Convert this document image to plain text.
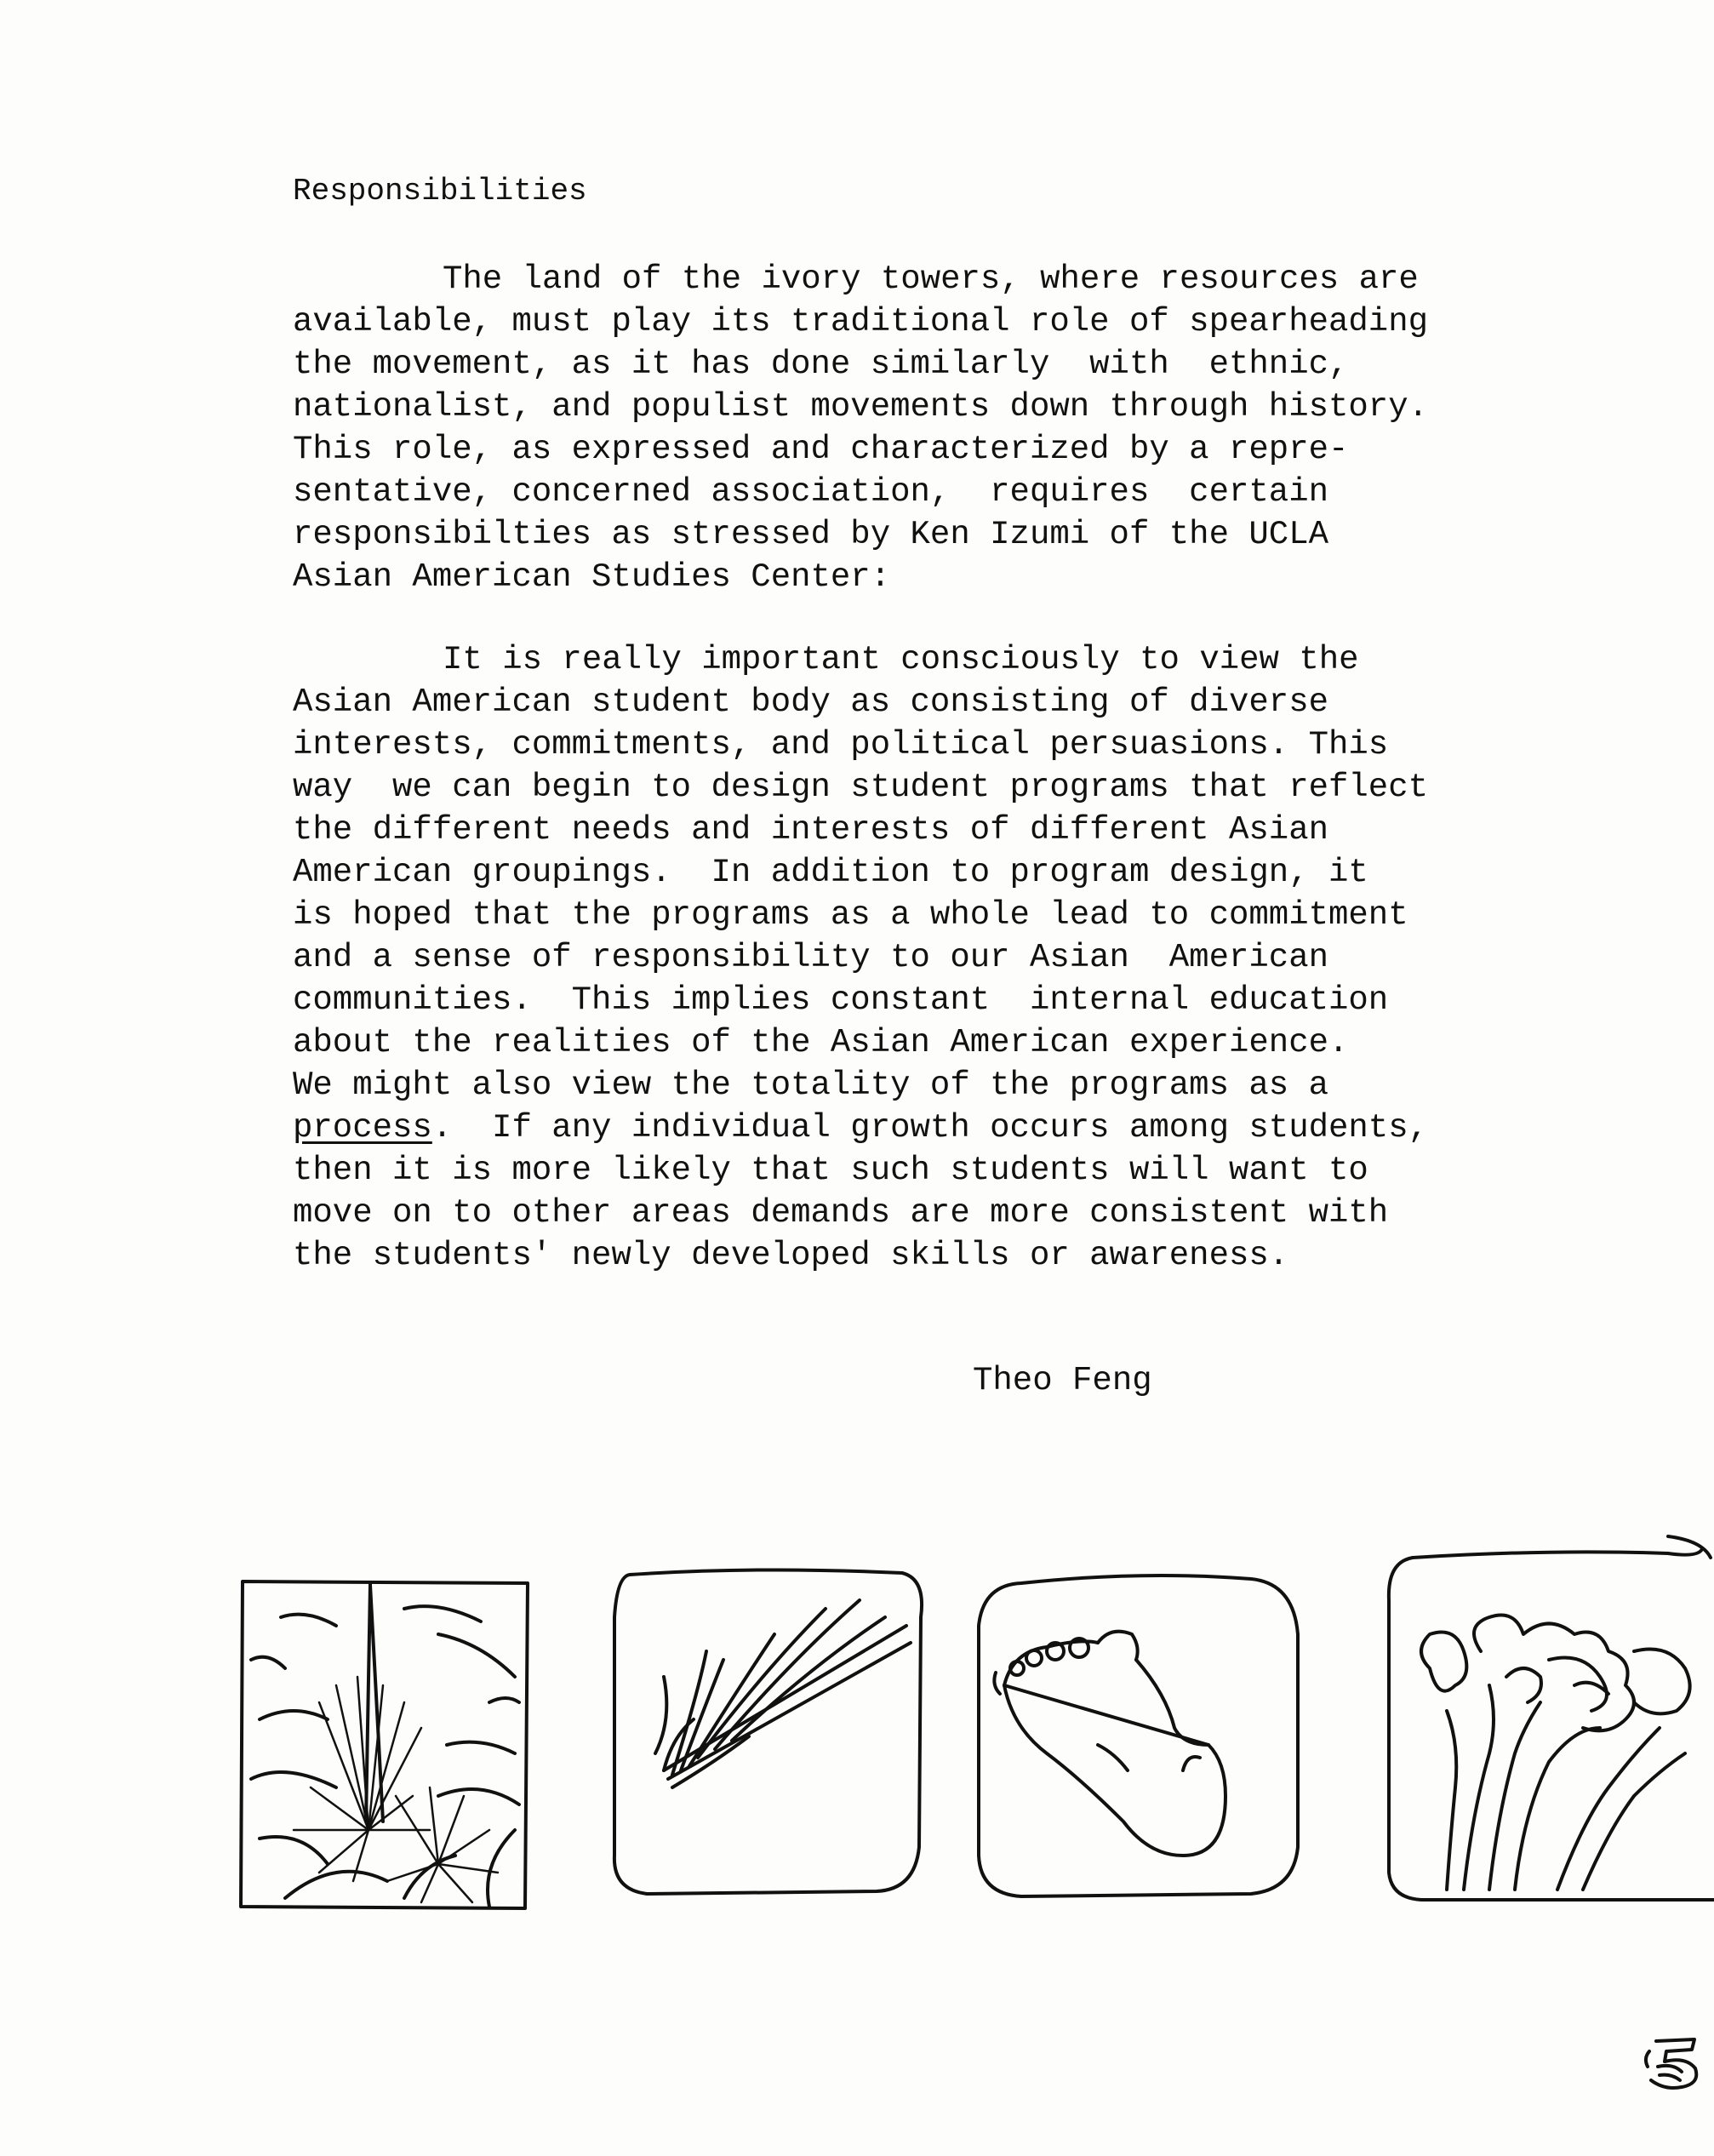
Responsibilities
The land of the ivory towers, where resources are
available, must play its traditional role of spearheading
the movement, as it has done similarly  with  ethnic,
nationalist, and populist movements down through history.
This role, as expressed and characterized by a repre-
sentative, concerned association,  requires  certain
responsibilties as stressed by Ken Izumi of the UCLA
Asian American Studies Center:
It is really important consciously to view the
Asian American student body as consisting of diverse
interests, commitments, and political persuasions. This
way  we can begin to design student programs that reflect
the different needs and interests of different Asian
American groupings.  In addition to program design, it
is hoped that the programs as a whole lead to commitment
and a sense of responsibility to our Asian  American
communities.  This implies constant  internal education
about the realities of the Asian American experience.
We might also view the totality of the programs as a
process.  If any individual growth occurs among students,
then it is more likely that such students will want to
move on to other areas demands are more consistent with
the students' newly developed skills or awareness.
Theo Feng
